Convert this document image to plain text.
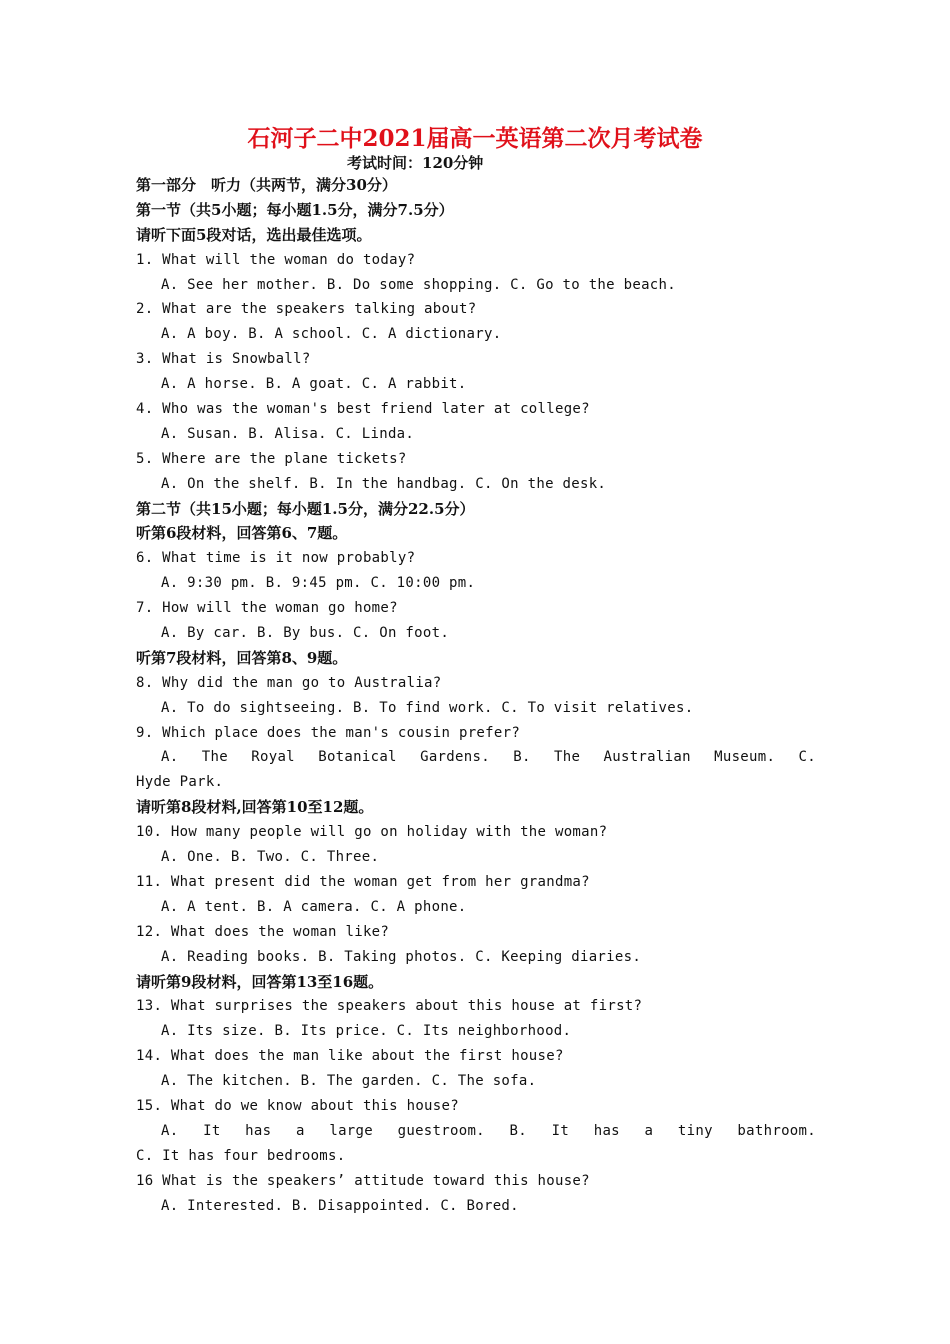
石河子二中2021届高一英语第二次月考试卷
考试时间：120分钟
第一部分　听力（共两节，满分30分）
第一节（共5小题；每小题1.5分，满分7.5分）
请听下面5段对话，选出最佳选项。
1. What will the woman do today?
A. See her mother. B. Do some shopping. C. Go to the beach.
2. What are the speakers talking about?
A. A boy. B. A school. C. A dictionary.
3. What is Snowball?
A. A horse. B. A goat. C. A rabbit.
4. Who was the woman's best friend later at college?
A. Susan. B. Alisa. C. Linda.
5. Where are the plane tickets?
A. On the shelf. B. In the handbag. C. On the desk.
第二节（共15小题；每小题1.5分，满分22.5分）
听第6段材料，回答第6、7题。
6. What time is it now probably?
A. 9:30 pm. B. 9:45 pm. C. 10:00 pm.
7. How will the woman go home?
A. By car. B. By bus. C. On foot.
听第7段材料，回答第8、9题。
8. Why did the man go to Australia?
A. To do sightseeing. B. To find work. C. To visit relatives.
9. Which place does the man's cousin prefer?
A. The Royal Botanical Gardens. B. The Australian Museum. C.
Hyde Park.
请听第8段材料,回答第10至12题。
10. How many people will go on holiday with the woman?
A. One. B. Two. C. Three.
11. What present did the woman get from her grandma?
A. A tent. B. A camera. C. A phone.
12. What does the woman like?
A. Reading books. B. Taking photos. C. Keeping diaries.
请听第9段材料，回答第13至16题。
13. What surprises the speakers about this house at first?
A. Its size. B. Its price. C. Its neighborhood.
14. What does the man like about the first house?
A. The kitchen. B. The garden. C. The sofa.
15. What do we know about this house?
A. It has a large guestroom. B. It has a tiny bathroom.
C. It has four bedrooms.
16 What is the speakers’ attitude toward this house?
A. Interested. B. Disappointed. C. Bored.
